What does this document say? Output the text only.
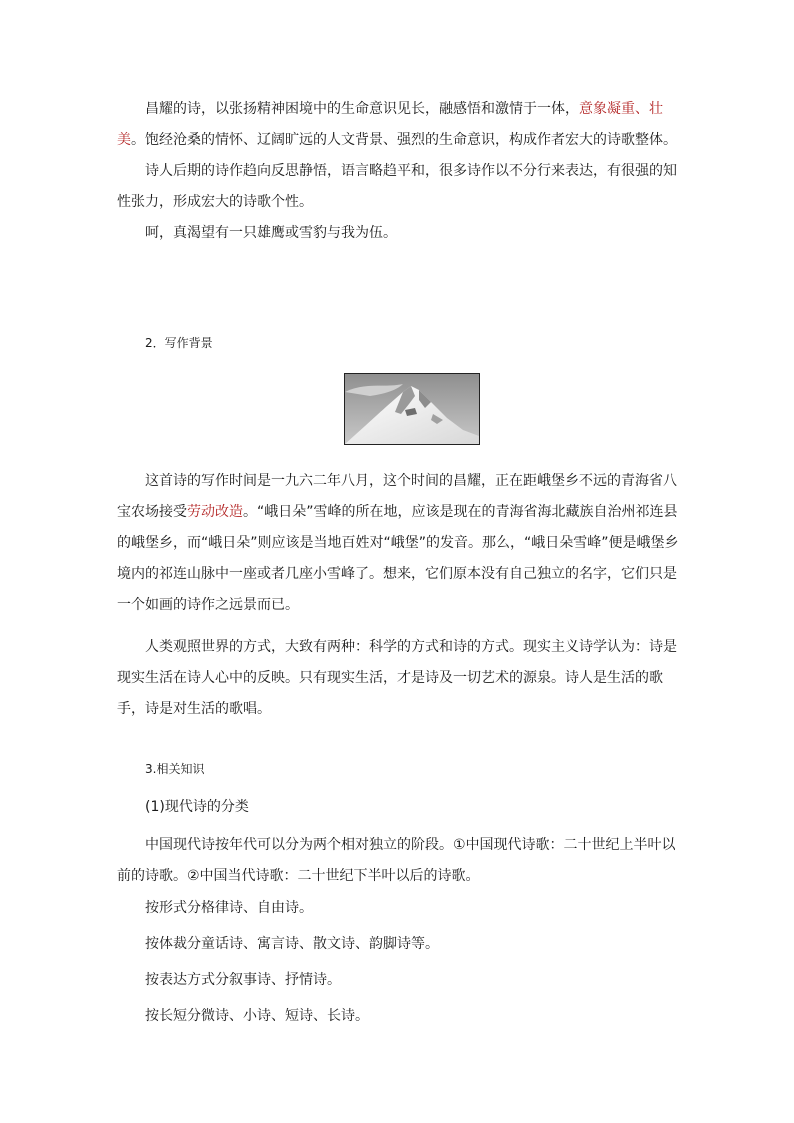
昌耀的诗，以张扬精神困境中的生命意识见长，融感悟和激情于一体，意象凝重、壮美。饱经沧桑的情怀、辽阔旷远的人文背景、强烈的生命意识，构成作者宏大的诗歌整体。

诗人后期的诗作趋向反思静悟，语言略趋平和，很多诗作以不分行来表达，有很强的知性张力，形成宏大的诗歌个性。

呵，真渴望有一只雄鹰或雪豹与我为伍。

2．写作背景

这首诗的写作时间是一九六二年八月，这个时间的昌耀，正在距峨堡乡不远的青海省八宝农场接受劳动改造。“峨日朵”雪峰的所在地，应该是现在的青海省海北藏族自治州祁连县的峨堡乡，而“峨日朵”则应该是当地百姓对“峨堡”的发音。那么，“峨日朵雪峰”便是峨堡乡境内的祁连山脉中一座或者几座小雪峰了。想来，它们原本没有自己独立的名字，它们只是一个如画的诗作之远景而已。

人类观照世界的方式，大致有两种：科学的方式和诗的方式。现实主义诗学认为：诗是现实生活在诗人心中的反映。只有现实生活，才是诗及一切艺术的源泉。诗人是生活的歌手，诗是对生活的歌唱。

3.相关知识

(1)现代诗的分类

中国现代诗按年代可以分为两个相对独立的阶段。①中国现代诗歌：二十世纪上半叶以前的诗歌。②中国当代诗歌：二十世纪下半叶以后的诗歌。

按形式分格律诗、自由诗。

按体裁分童话诗、寓言诗、散文诗、韵脚诗等。

按表达方式分叙事诗、抒情诗。

按长短分微诗、小诗、短诗、长诗。
